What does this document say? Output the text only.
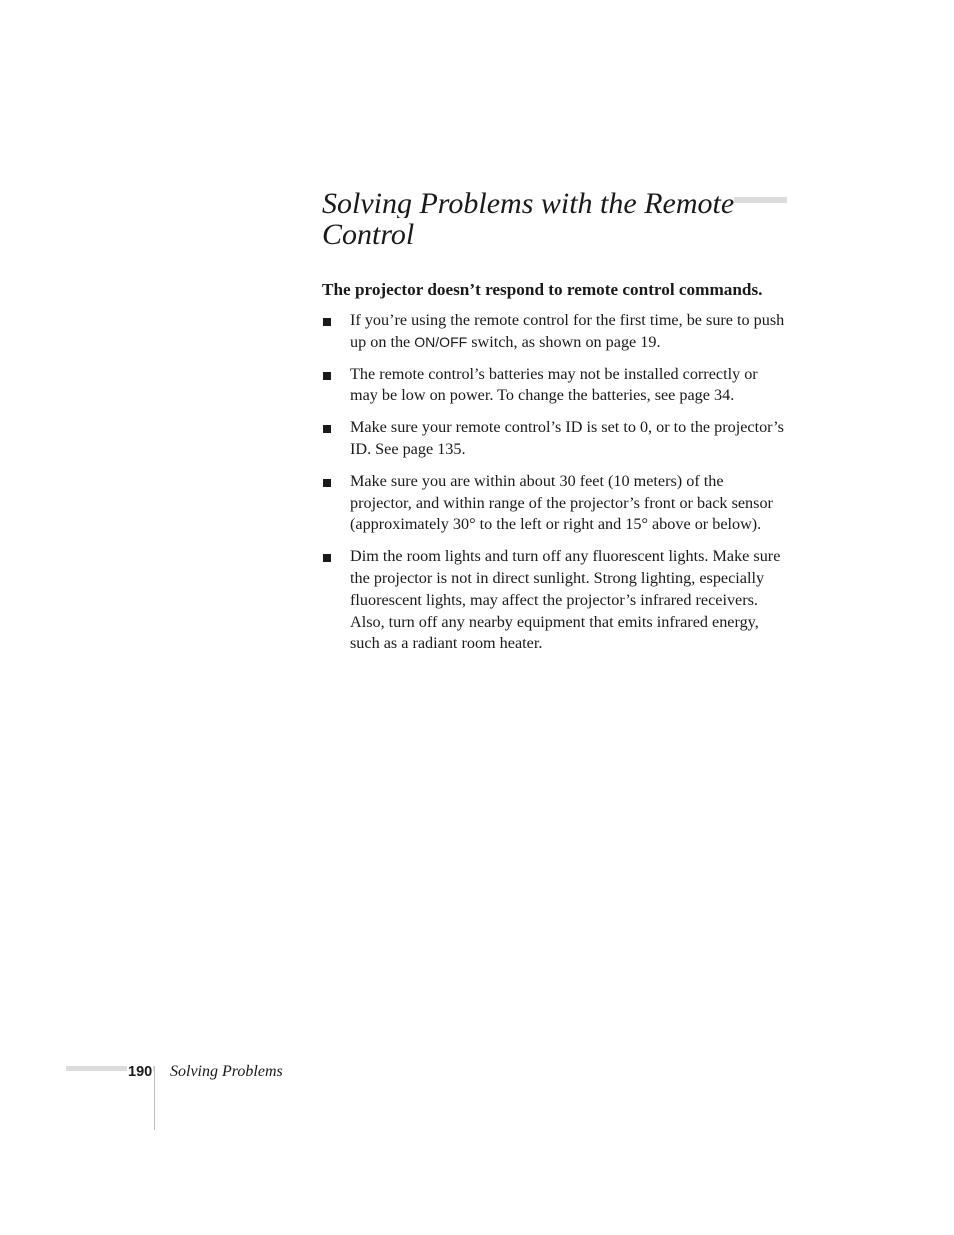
Solving Problems with the Remote Control

The projector doesn’t respond to remote control commands.

If you’re using the remote control for the first time, be sure to push up on the ON/OFF switch, as shown on page 19.
The remote control’s batteries may not be installed correctly or may be low on power. To change the batteries, see page 34.
Make sure your remote control’s ID is set to 0, or to the projector’s ID. See page 135.
Make sure you are within about 30 feet (10 meters) of the projector, and within range of the projector’s front or back sensor (approximately 30° to the left or right and 15° above or below).
Dim the room lights and turn off any fluorescent lights. Make sure the projector is not in direct sunlight. Strong lighting, especially fluorescent lights, may affect the projector’s infrared receivers. Also, turn off any nearby equipment that emits infrared energy, such as a radiant room heater.
190 Solving Problems
